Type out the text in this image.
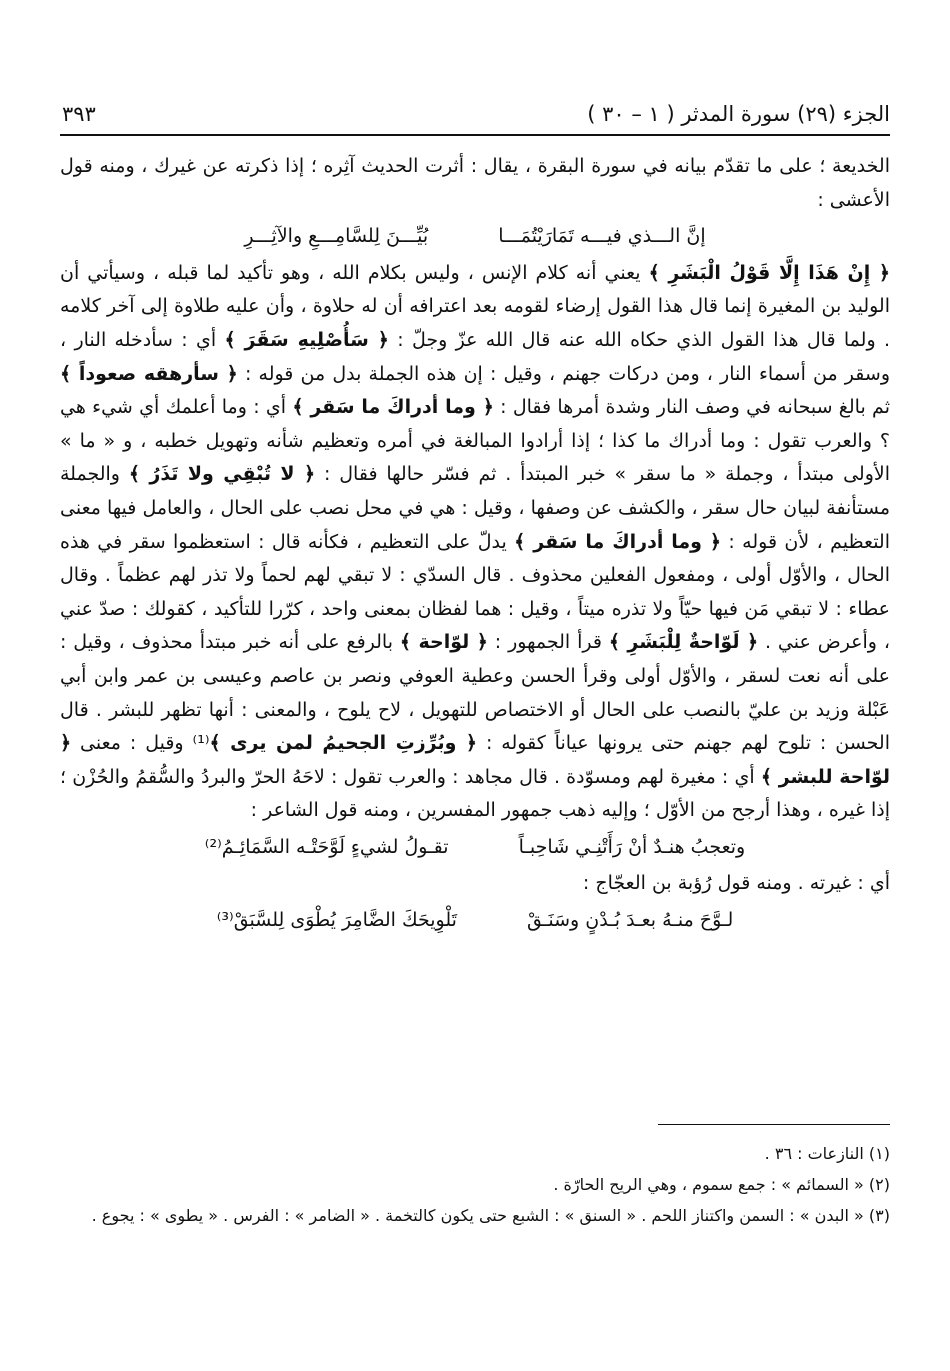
الجزء (٢٩) سورة المدثر ( ١ – ٣٠ )
٣٩٣

الخديعة ؛ على ما تقدّم بيانه في سورة البقرة ، يقال : أثرت الحديث آثِره ؛ إذا ذكرته عن غيرك ، ومنه قول الأعشى :

إنَّ الـــذي فيـــه تَمَارَيْتُمَـــا
بُيِّـــنَ لِلسَّامِـــعِ والآثِـــرِ

﴿ إِنْ هَذَا إِلَّا قَوْلُ الْبَشَرِ ﴾ يعني أنه كلام الإنس ، وليس بكلام الله ، وهو تأكيد لما قبله ، وسيأتي أن الوليد بن المغيرة إنما قال هذا القول إرضاء لقومه بعد اعترافه أن له حلاوة ، وأن عليه طلاوة إلى آخر كلامه . ولما قال هذا القول الذي حكاه الله عنه قال الله عزّ وجلّ : ﴿ سَأُصْلِيهِ سَقَرَ ﴾ أي : سأدخله النار ، وسقر من أسماء النار ، ومن دركات جهنم ، وقيل : إن هذه الجملة بدل من قوله : ﴿ سأرهقه صعوداً ﴾ ثم بالغ سبحانه في وصف النار وشدة أمرها فقال : ﴿ وما أدراكَ ما سَقر ﴾ أي : وما أعلمك أي شيء هي ؟ والعرب تقول : وما أدراك ما كذا ؛ إذا أرادوا المبالغة في أمره وتعظيم شأنه وتهويل خطبه ، و « ما » الأولى مبتدأ ، وجملة « ما سقر » خبر المبتدأ . ثم فسّر حالها فقال : ﴿ لا تُبْقِي ولا تَذَرُ ﴾ والجملة مستأنفة لبيان حال سقر ، والكشف عن وصفها ، وقيل : هي في محل نصب على الحال ، والعامل فيها معنى التعظيم ، لأن قوله : ﴿ وما أدراكَ ما سَقر ﴾ يدلّ على التعظيم ، فكأنه قال : استعظموا سقر في هذه الحال ، والأوّل أولى ، ومفعول الفعلين محذوف . قال السدّي : لا تبقي لهم لحماً ولا تذر لهم عظماً . وقال عطاء : لا تبقي مَن فيها حيّاً ولا تذره ميتاً ، وقيل : هما لفظان بمعنى واحد ، كرّرا للتأكيد ، كقولك : صدّ عني ، وأعرض عني . ﴿ لَوّاحةٌ لِلْبَشَرِ ﴾ قرأ الجمهور : ﴿ لوّاحة ﴾ بالرفع على أنه خبر مبتدأ محذوف ، وقيل : على أنه نعت لسقر ، والأوّل أولى وقرأ الحسن وعطية العوفي ونصر بن عاصم وعيسى بن عمر وابن أبي عَبْلة وزيد بن عليّ بالنصب على الحال أو الاختصاص للتهويل ، لاح يلوح ، والمعنى : أنها تظهر للبشر . قال الحسن : تلوح لهم جهنم حتى يرونها عياناً كقوله : ﴿ وبُرِّزتِ الجحيمُ لمن يرى ﴾⁽¹⁾ وقيل : معنى ﴿ لوّاحة للبشر ﴾ أي : مغيرة لهم ومسوّدة . قال مجاهد : والعرب تقول : لاحَهُ الحرّ والبردُ والسُّقمُ والحُزْن ؛ إذا غيره ، وهذا أرجح من الأوّل ؛ وإليه ذهب جمهور المفسرين ، ومنه قول الشاعر :

وتعجبُ هنـدٌ أنْ رَأَتْنِـي شَاحِبـاً
تقـولُ لشيءٍ لَوَّحَتْـه السَّمَائِـمُ⁽²⁾

أي : غيرته . ومنه قول رُؤبة بن العجّاج :

لـوَّحَ منـهُ بعـدَ بُـدْنٍ وسَنَـقْ
تَلْوِيحَكَ الضَّامِرَ يُطْوَى لِلسَّبَقْ⁽³⁾

(١) النازعات : ٣٦ .

(٢) « السمائم » : جمع سموم ، وهي الريح الحارّة .

(٣) « البدن » : السمن واكتناز اللحم . « السنق » : الشبع حتى يكون كالتخمة . « الضامر » : الفرس . « يطوى » : يجوع .
